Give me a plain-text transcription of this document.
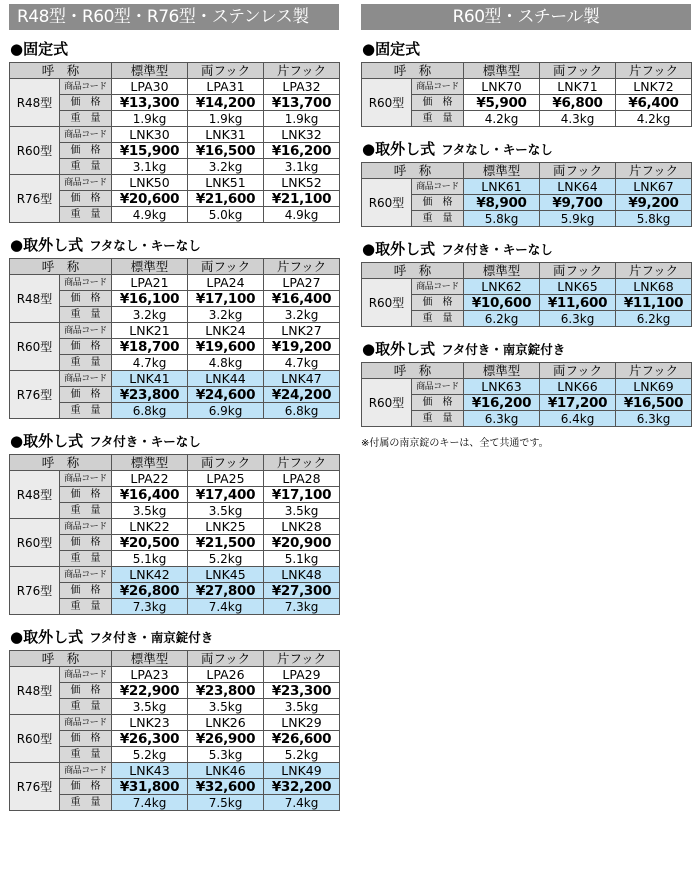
R48型・R60型・R76型・ステンレス製
●固定式
呼　称		標準型	両フック	片フック
R48型	商品コード	LPA30	LPA31	LPA32
	価　格	¥13,300	¥14,200	¥13,700
	重　量	1.9kg	1.9kg	1.9kg
R60型	商品コード	LNK30	LNK31	LNK32
	価　格	¥15,900	¥16,500	¥16,200
	重　量	3.1kg	3.2kg	3.1kg
R76型	商品コード	LNK50	LNK51	LNK52
	価　格	¥20,600	¥21,600	¥21,100
	重　量	4.9kg	5.0kg	4.9kg
●取外し式 フタなし・キーなし
呼　称		標準型	両フック	片フック
R48型	商品コード	LPA21	LPA24	LPA27
	価　格	¥16,100	¥17,100	¥16,400
	重　量	3.2kg	3.2kg	3.2kg
R60型	商品コード	LNK21	LNK24	LNK27
	価　格	¥18,700	¥19,600	¥19,200
	重　量	4.7kg	4.8kg	4.7kg
R76型	商品コード	LNK41	LNK44	LNK47
	価　格	¥23,800	¥24,600	¥24,200
	重　量	6.8kg	6.9kg	6.8kg
●取外し式 フタ付き・キーなし
呼　称		標準型	両フック	片フック
R48型	商品コード	LPA22	LPA25	LPA28
	価　格	¥16,400	¥17,400	¥17,100
	重　量	3.5kg	3.5kg	3.5kg
R60型	商品コード	LNK22	LNK25	LNK28
	価　格	¥20,500	¥21,500	¥20,900
	重　量	5.1kg	5.2kg	5.1kg
R76型	商品コード	LNK42	LNK45	LNK48
	価　格	¥26,800	¥27,800	¥27,300
	重　量	7.3kg	7.4kg	7.3kg
●取外し式 フタ付き・南京錠付き
呼　称		標準型	両フック	片フック
R48型	商品コード	LPA23	LPA26	LPA29
	価　格	¥22,900	¥23,800	¥23,300
	重　量	3.5kg	3.5kg	3.5kg
R60型	商品コード	LNK23	LNK26	LNK29
	価　格	¥26,300	¥26,900	¥26,600
	重　量	5.2kg	5.3kg	5.2kg
R76型	商品コード	LNK43	LNK46	LNK49
	価　格	¥31,800	¥32,600	¥32,200
	重　量	7.4kg	7.5kg	7.4kg
R60型・スチール製
●固定式
呼　称		標準型	両フック	片フック
R60型	商品コード	LNK70	LNK71	LNK72
	価　格	¥5,900	¥6,800	¥6,400
	重　量	4.2kg	4.3kg	4.2kg
●取外し式 フタなし・キーなし
呼　称		標準型	両フック	片フック
R60型	商品コード	LNK61	LNK64	LNK67
	価　格	¥8,900	¥9,700	¥9,200
	重　量	5.8kg	5.9kg	5.8kg
●取外し式 フタ付き・キーなし
呼　称		標準型	両フック	片フック
R60型	商品コード	LNK62	LNK65	LNK68
	価　格	¥10,600	¥11,600	¥11,100
	重　量	6.2kg	6.3kg	6.2kg
●取外し式 フタ付き・南京錠付き
呼　称		標準型	両フック	片フック
R60型	商品コード	LNK63	LNK66	LNK69
	価　格	¥16,200	¥17,200	¥16,500
	重　量	6.3kg	6.4kg	6.3kg
※付属の南京錠のキーは、全て共通です。
